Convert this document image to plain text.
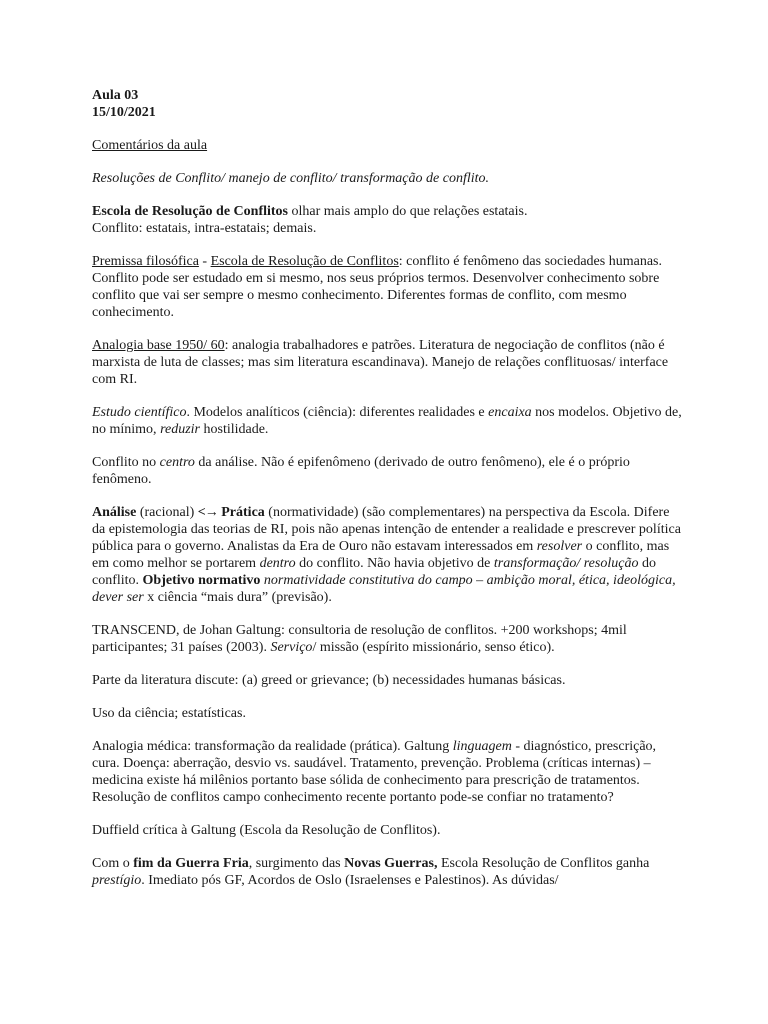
Aula 03

15/10/2021

Comentários da aula

Resoluções de Conflito/ manejo de conflito/ transformação de conflito.

Escola de Resolução de Conflitos olhar mais amplo do que relações estatais.
Conflito: estatais, intra-estatais; demais.

Premissa filosófica - Escola de Resolução de Conflitos: conflito é fenômeno das sociedades humanas. Conflito pode ser estudado em si mesmo, nos seus próprios termos. Desenvolver conhecimento sobre conflito que vai ser sempre o mesmo conhecimento. Diferentes formas de conflito, com mesmo conhecimento.

Analogia base 1950/ 60: analogia trabalhadores e patrões. Literatura de negociação de conflitos (não é marxista de luta de classes; mas sim literatura escandinava). Manejo de relações conflituosas/ interface com RI.

Estudo científico. Modelos analíticos (ciência): diferentes realidades e encaixa nos modelos. Objetivo de, no mínimo, reduzir hostilidade.

Conflito no centro da análise. Não é epifenômeno (derivado de outro fenômeno), ele é o próprio fenômeno.

Análise (racional) <→ Prática (normatividade) (são complementares) na perspectiva da Escola. Difere da epistemologia das teorias de RI, pois não apenas intenção de entender a realidade e prescrever política pública para o governo. Analistas da Era de Ouro não estavam interessados em resolver o conflito, mas em como melhor se portarem dentro do conflito. Não havia objetivo de transformação/ resolução do conflito. Objetivo normativo normatividade constitutiva do campo – ambição moral, ética, ideológica, dever ser x ciência “mais dura” (previsão).

TRANSCEND, de Johan Galtung: consultoria de resolução de conflitos. +200 workshops; 4mil participantes; 31 países (2003). Serviço/ missão (espírito missionário, senso ético).

Parte da literatura discute: (a) greed or grievance; (b) necessidades humanas básicas.

Uso da ciência; estatísticas.

Analogia médica: transformação da realidade (prática). Galtung linguagem - diagnóstico, prescrição, cura. Doença: aberração, desvio vs. saudável. Tratamento, prevenção. Problema (críticas internas) – medicina existe há milênios portanto base sólida de conhecimento para prescrição de tratamentos. Resolução de conflitos campo conhecimento recente portanto pode-se confiar no tratamento?

Duffield crítica à Galtung (Escola da Resolução de Conflitos).

Com o fim da Guerra Fria, surgimento das Novas Guerras, Escola Resolução de Conflitos ganha prestígio. Imediato pós GF, Acordos de Oslo (Israelenses e Palestinos). As dúvidas/
